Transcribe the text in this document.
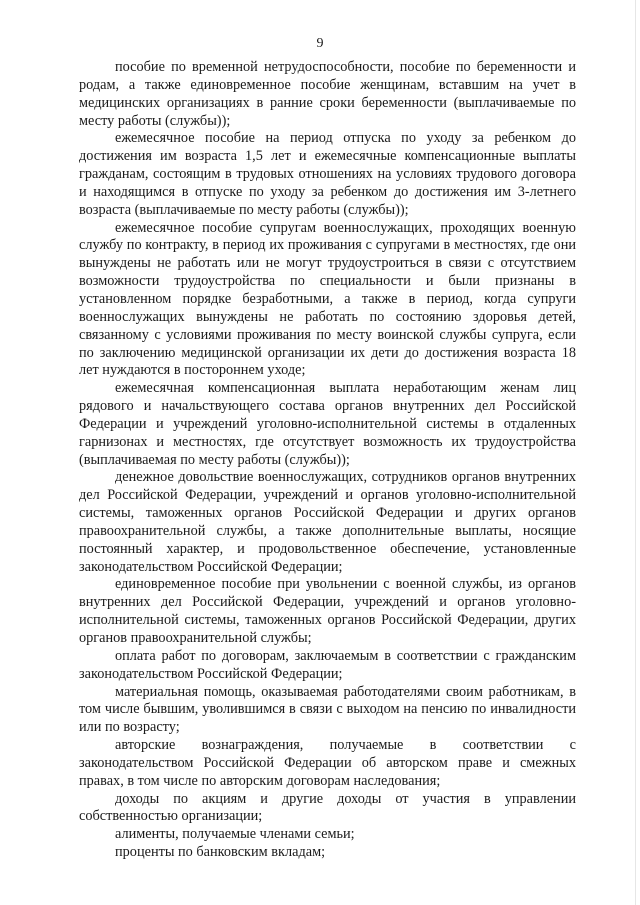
9

пособие по временной нетрудоспособности, пособие по беременности и родам, а также единовременное пособие женщинам, вставшим на учет в медицинских организациях в ранние сроки беременности (выплачиваемые по месту работы (службы));

ежемесячное пособие на период отпуска по уходу за ребенком до достижения им возраста 1,5 лет и ежемесячные компенсационные выплаты гражданам, состоящим в трудовых отношениях на условиях трудового договора и находящимся в отпуске по уходу за ребенком до достижения им 3-летнего возраста (выплачиваемые по месту работы (службы));

ежемесячное пособие супругам военнослужащих, проходящих военную службу по контракту, в период их проживания с супругами в местностях, где они вынуждены не работать или не могут трудоустроиться в связи с отсутствием возможности трудоустройства по специальности и были признаны в установленном порядке безработными, а также в период, когда супруги военнослужащих вынуждены не работать по состоянию здоровья детей, связанному с условиями проживания по месту воинской службы супруга, если по заключению медицинской организации их дети до достижения возраста 18 лет нуждаются в постороннем уходе;

ежемесячная компенсационная выплата неработающим женам лиц рядового и начальствующего состава органов внутренних дел Российской Федерации и учреждений уголовно-исполнительной системы в отдаленных гарнизонах и местностях, где отсутствует возможность их трудоустройства (выплачиваемая по месту работы (службы));

денежное довольствие военнослужащих, сотрудников органов внутренних дел Российской Федерации, учреждений и органов уголовно-исполнительной системы, таможенных органов Российской Федерации и других органов правоохранительной службы, а также дополнительные выплаты, носящие постоянный характер, и продовольственное обеспечение, установленные законодательством Российской Федерации;

единовременное пособие при увольнении с военной службы, из органов внутренних дел Российской Федерации, учреждений и органов уголовно-исполнительной системы, таможенных органов Российской Федерации, других органов правоохранительной службы;

оплата работ по договорам, заключаемым в соответствии с гражданским законодательством Российской Федерации;

материальная помощь, оказываемая работодателями своим работникам, в том числе бывшим, уволившимся в связи с выходом на пенсию по инвалидности или по возрасту;

авторские вознаграждения, получаемые в соответствии с законодательством Российской Федерации об авторском праве и смежных правах, в том числе по авторским договорам наследования;

доходы по акциям и другие доходы от участия в управлении собственностью организации;

алименты, получаемые членами семьи;

проценты по банковским вкладам;
